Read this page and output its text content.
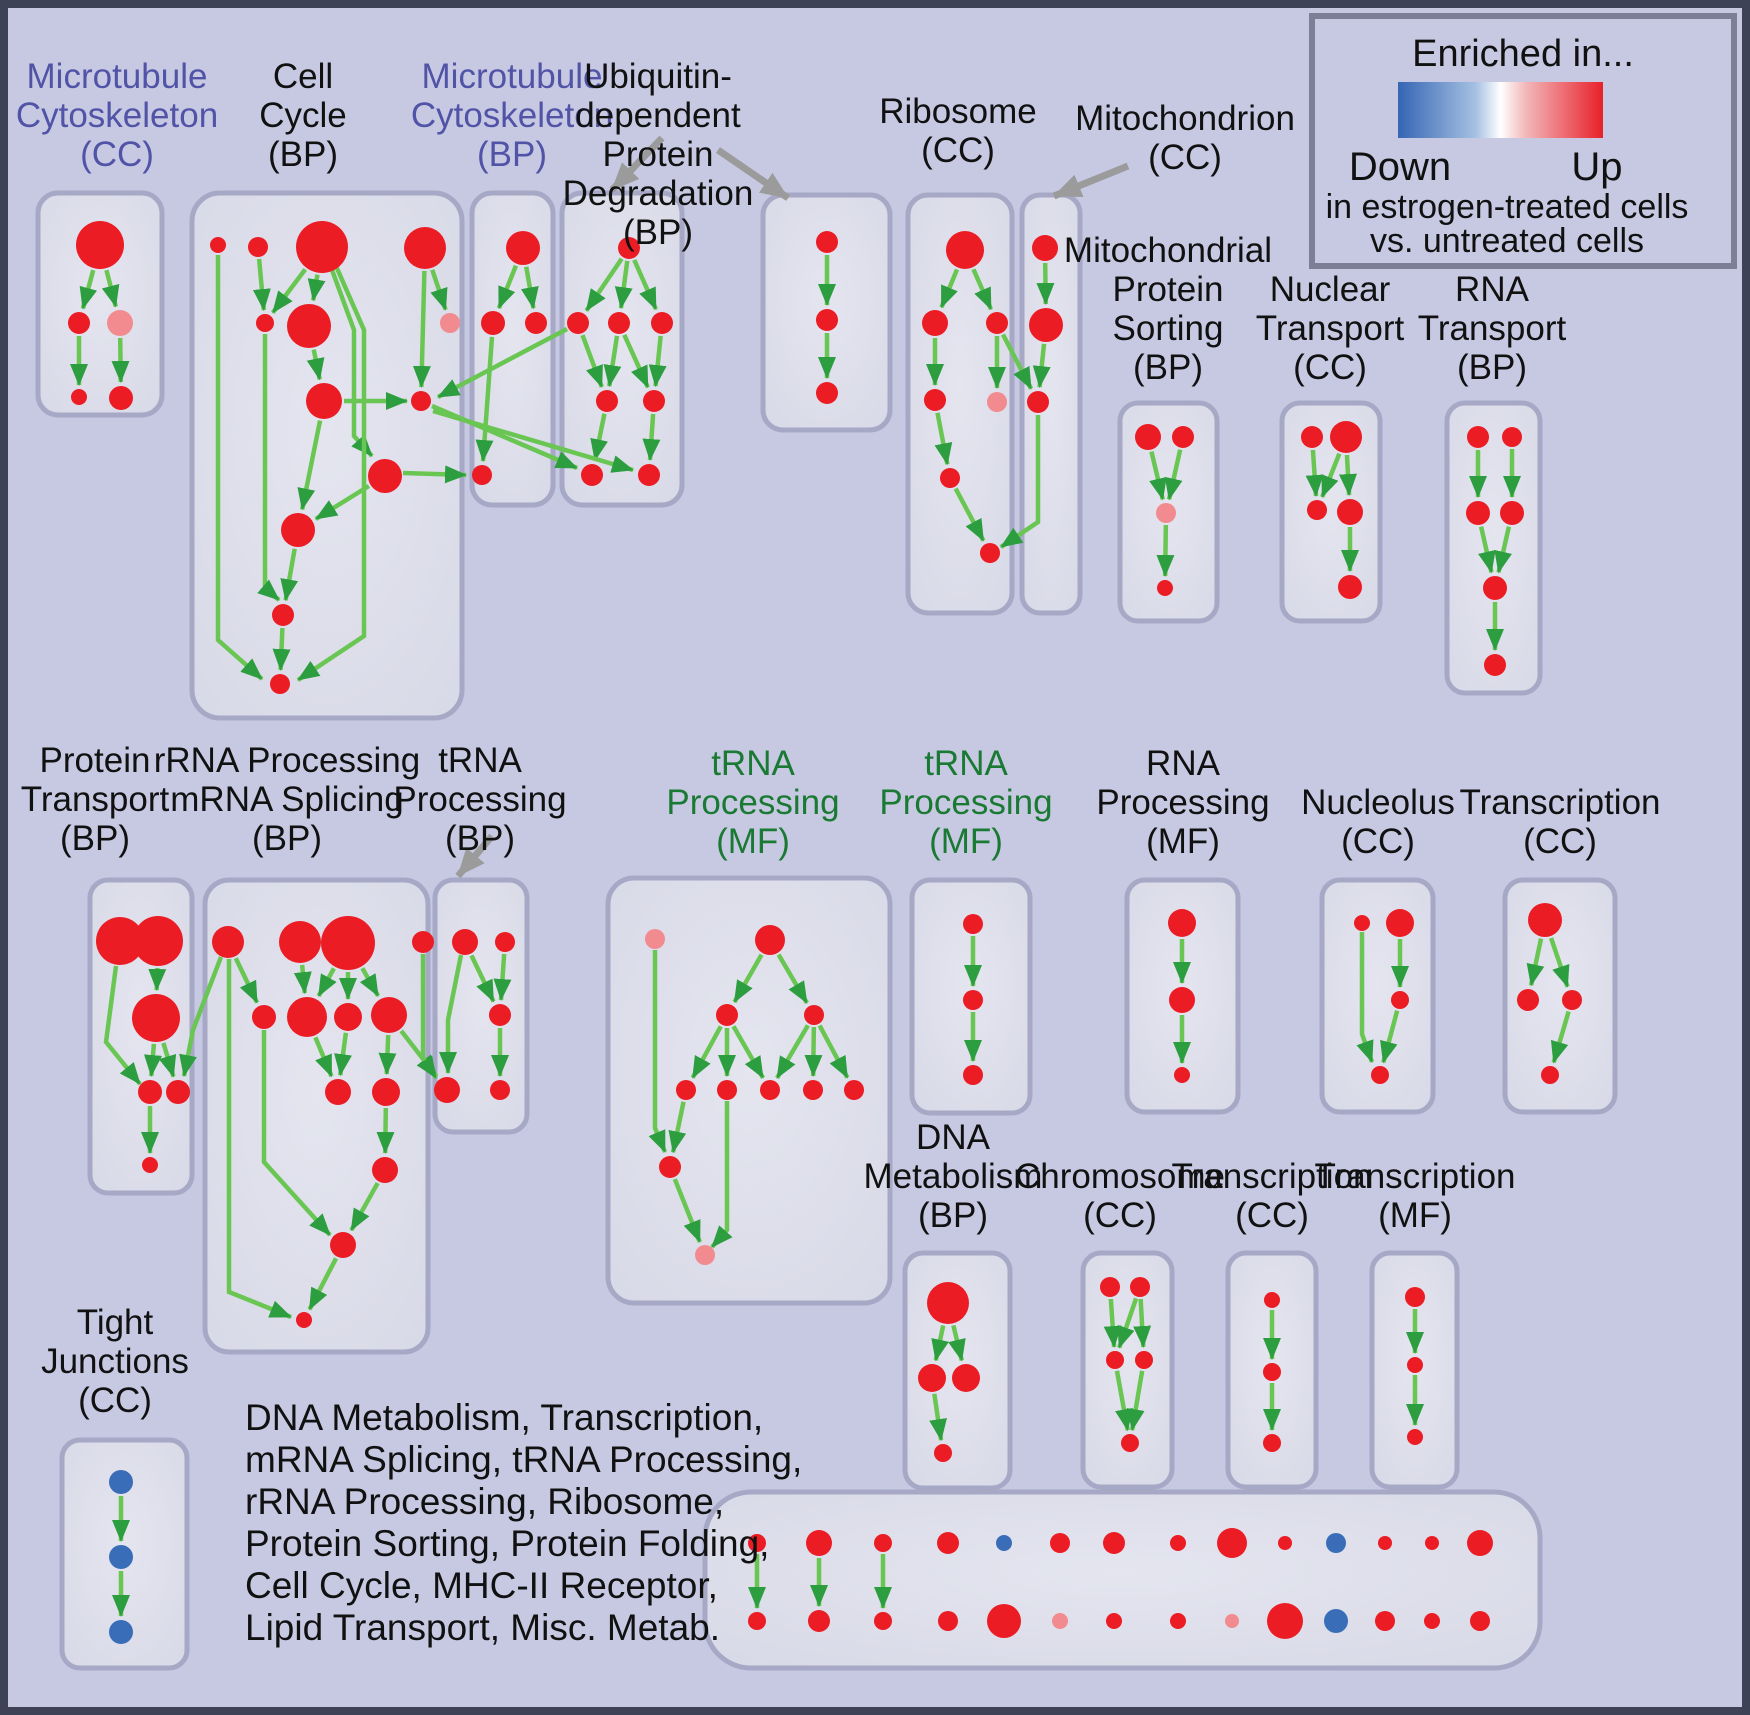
Microtubule Cytoskeleton (CC)
Cell Cycle (BP)
Microtubule Cytoskeleton (BP)
Ubiquitin-dependent Protein Degradation (BP)
Ribosome (CC)
Mitochondrion (CC)
Mitochondrial Protein Sorting (BP)
Nuclear Transport (CC)
RNA Transport (BP)
Protein Transport (BP)
rRNA Processing mRNA Splicing (BP)
tRNA Processing (BP)
tRNA Processing (MF)
tRNA Processing (MF)
RNA Processing (MF)
Nucleolus (CC)
Transcription (CC)
DNA Metabolism (BP)
Chromosome (CC)
Transcription (CC)
Transcription (MF)
Tight Junctions (CC)	DNA Metabolism, Transcription, mRNA Splicing, tRNA Processing, rRNA Processing, Ribosome, Protein Sorting, Protein Folding, Cell Cycle, MHC-II Receptor, Lipid Transport, Misc. Metab.
Enriched in...
Down	Up
in estrogen-treated cells
vs. untreated cells
